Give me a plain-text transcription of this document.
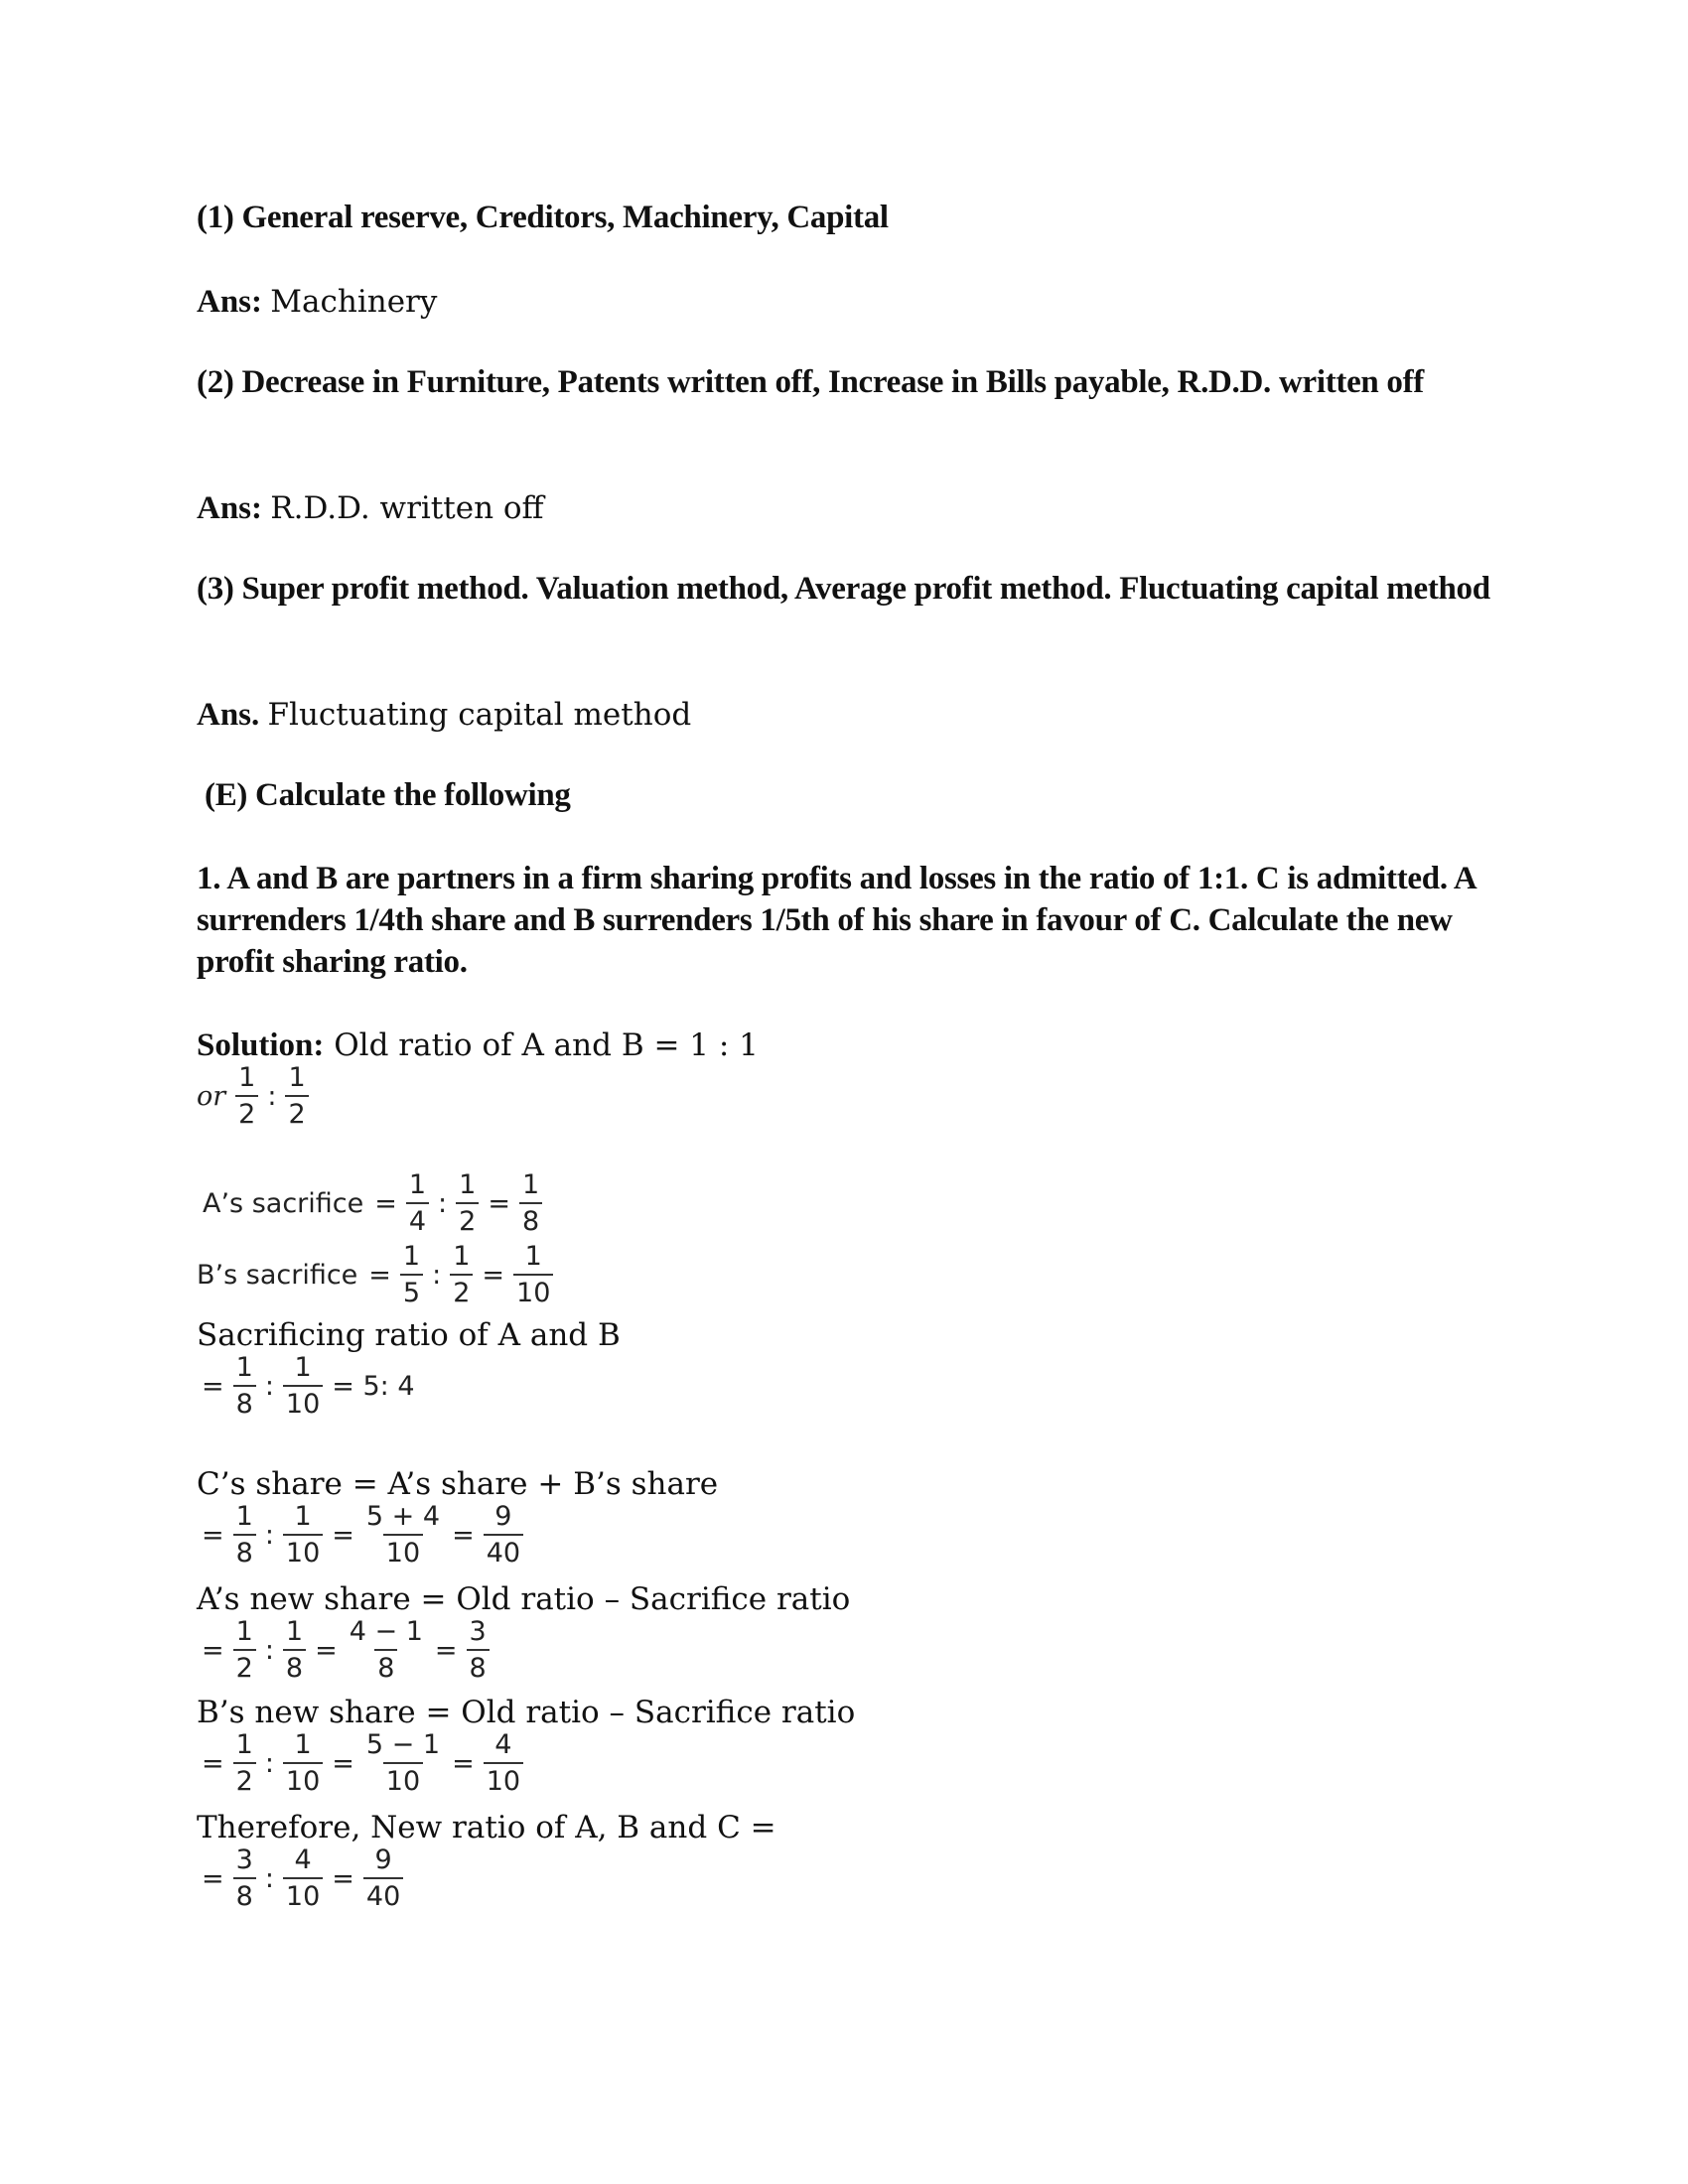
(1) General reserve, Creditors, Machinery, Capital
Ans: Machinery
(2) Decrease in Furniture, Patents written off, Increase in Bills payable, R.D.D. written off
Ans: R.D.D. written off
(3) Super profit method. Valuation method, Average profit method. Fluctuating capital method
Ans. Fluctuating capital method
(E) Calculate the following
1. A and B are partners in a firm sharing profits and losses in the ratio of 1:1. C is admitted. A surrenders 1/4th share and B surrenders 1/5th of his share in favour of C. Calculate the new profit sharing ratio.
Solution: Old ratio of A and B = 1 : 1
or $\frac{1}{2}$ : $\frac{1}{2}$
A’s sacrifice = $\frac{1}{4}$ : $\frac{1}{2} = \frac{1}{8}$
B’s sacrifice = $\frac{1}{5}$ : $\frac{1}{2} = \frac{1}{10}$
Sacrificing ratio of A and B
= $\frac{1}{8}$ : $\frac{1}{10} = 5$: 4
C’s share = A’s share + B’s share
= $\frac{1}{8}$ : $\frac{1}{10} = \frac{5 + 4}{10} = \frac{9}{40}$
A’s new share = Old ratio – Sacrifice ratio
= $\frac{1}{2}$ : $\frac{1}{8} = \frac{4 - 1}{8} = \frac{3}{8}$
B’s new share = Old ratio – Sacrifice ratio
= $\frac{1}{2}$ : $\frac{1}{10} = \frac{5 - 1}{10} = \frac{4}{10}$
Therefore, New ratio of A, B and C =
= $\frac{3}{8}$ : $\frac{4}{10} = \frac{9}{40}$
